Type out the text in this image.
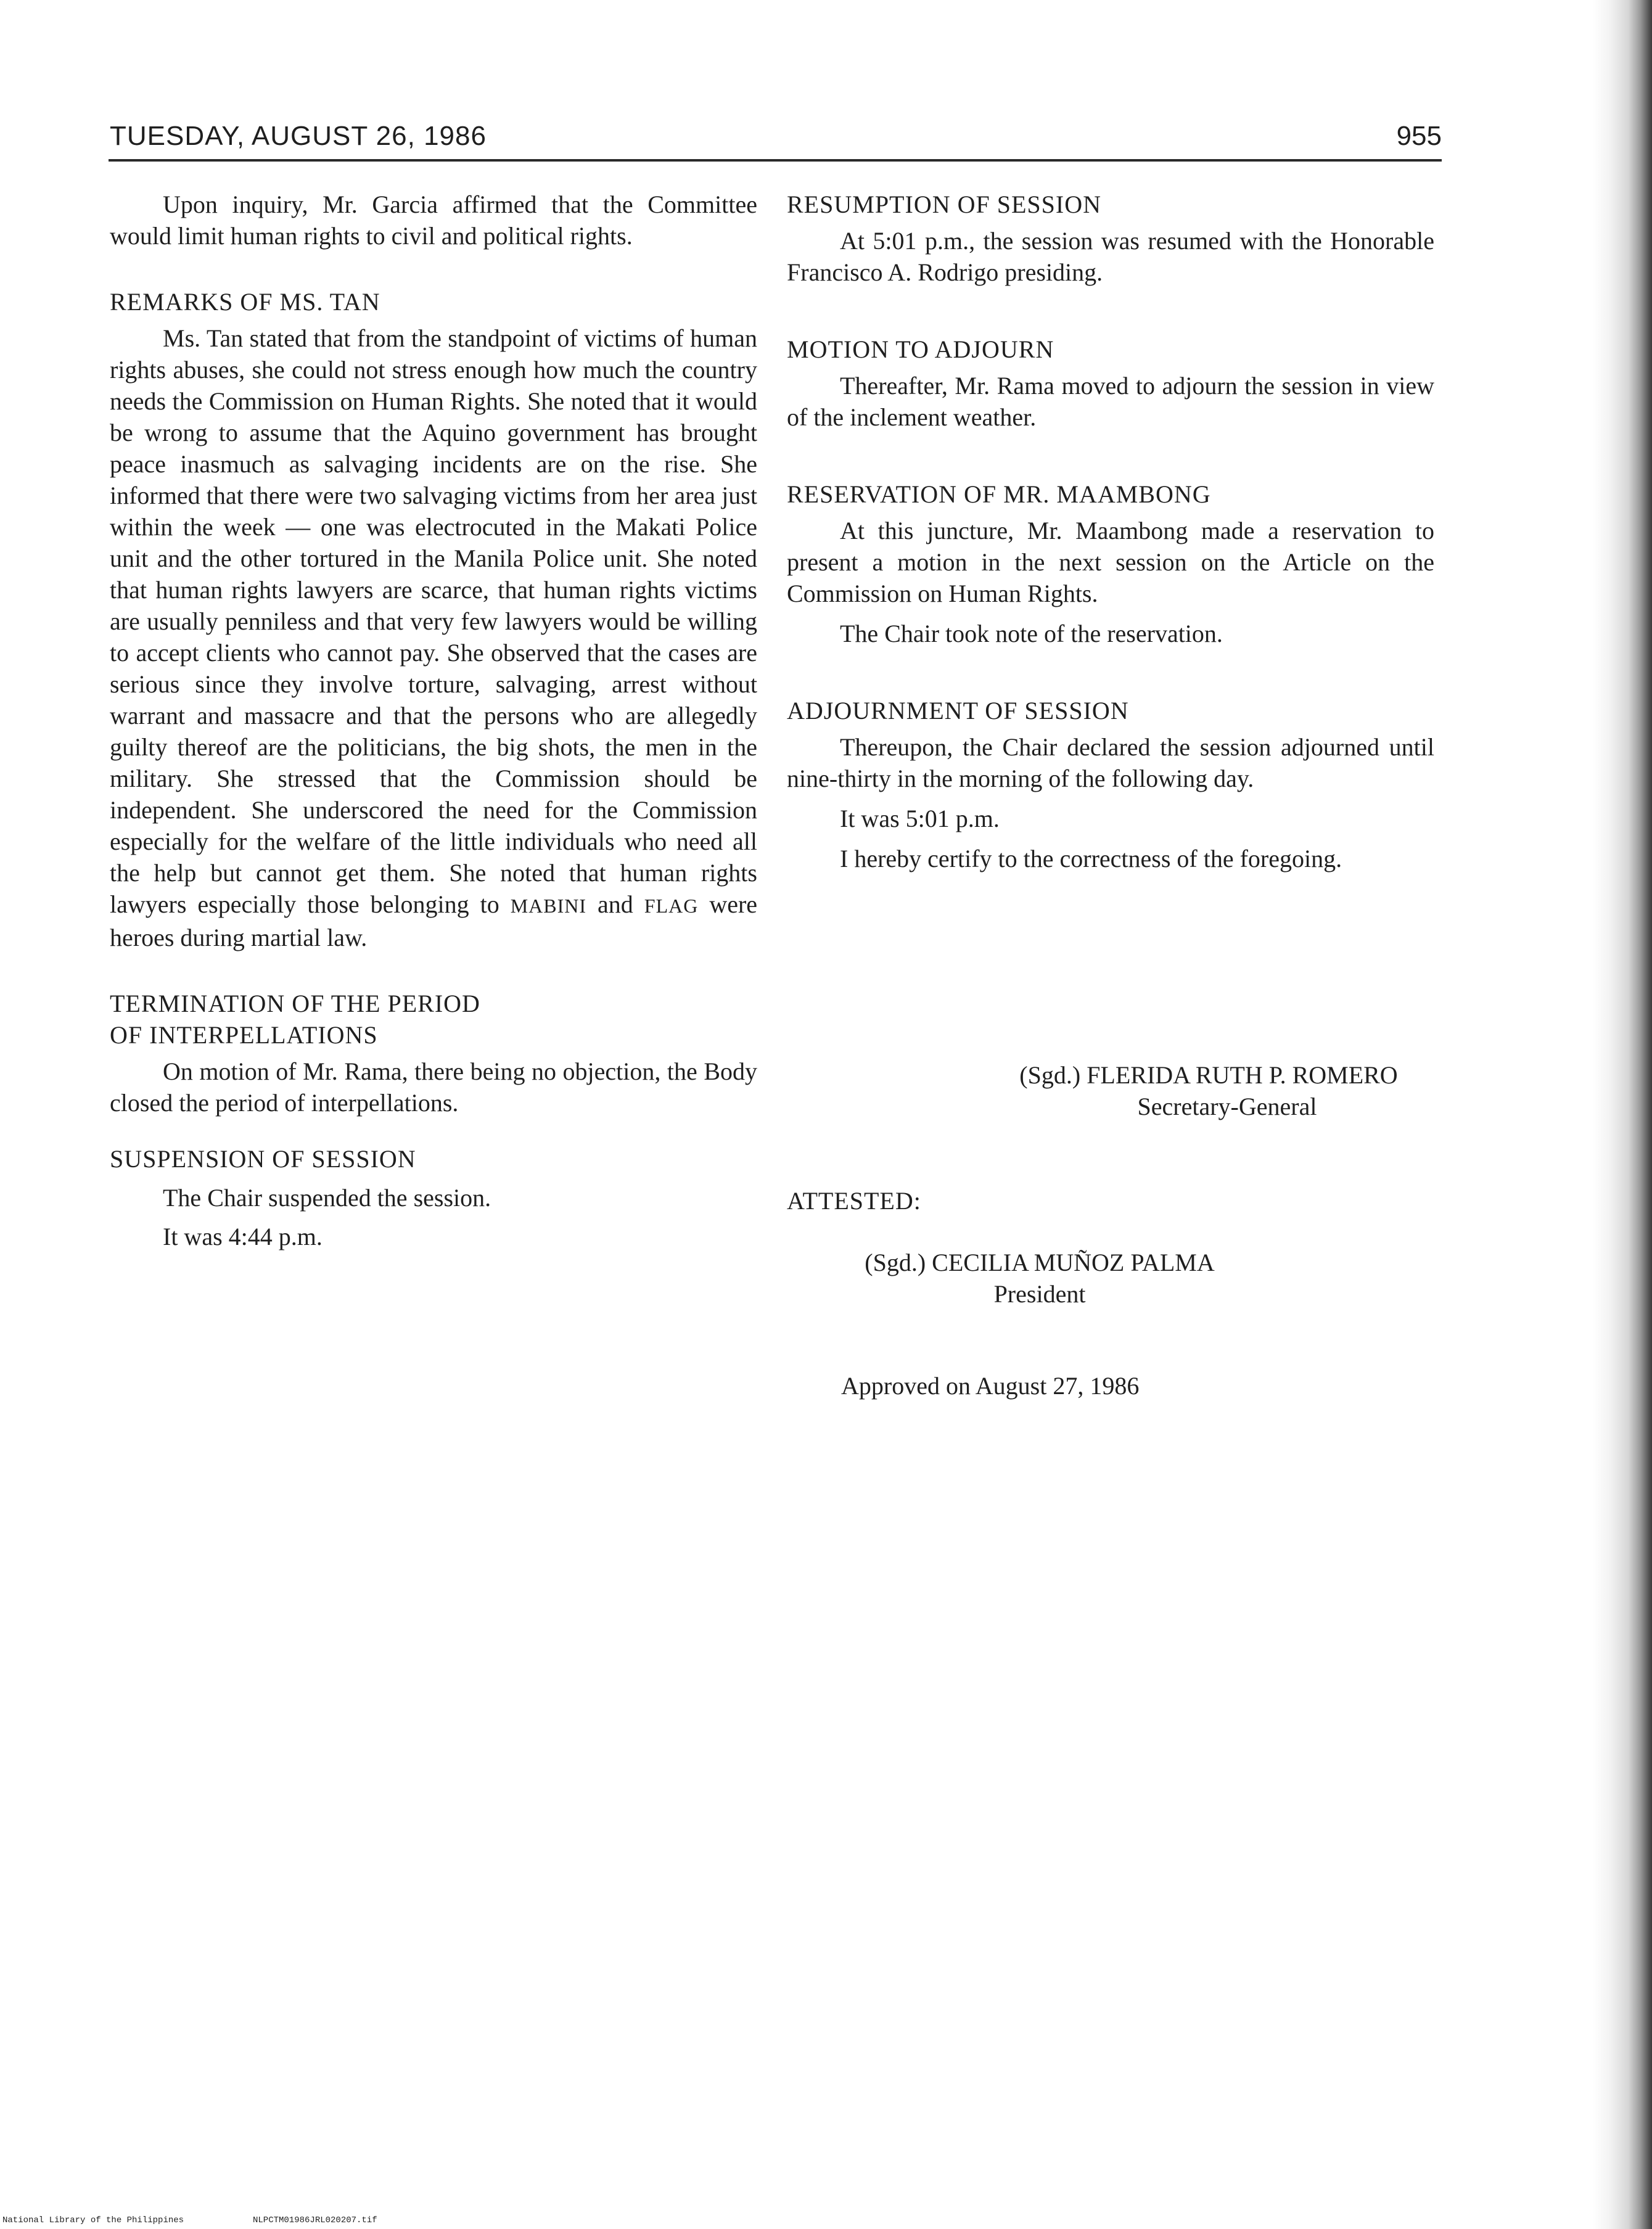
TUESDAY, AUGUST 26, 1986	955

Upon inquiry, Mr. Garcia affirmed that the Committee would limit human rights to civil and political rights.

REMARKS OF MS. TAN

Ms. Tan stated that from the standpoint of victims of human rights abuses, she could not stress enough how much the country needs the Commission on Human Rights. She noted that it would be wrong to assume that the Aquino government has brought peace inasmuch as salvaging incidents are on the rise. She informed that there were two salvaging victims from her area just within the week — one was electrocuted in the Makati Police unit and the other tortured in the Manila Police unit. She noted that human rights lawyers are scarce, that human rights victims are usually penniless and that very few lawyers would be willing to accept clients who cannot pay. She observed that the cases are serious since they involve torture, salvaging, arrest without warrant and massacre and that the persons who are allegedly guilty thereof are the politicians, the big shots, the men in the military. She stressed that the Commission should be independent. She underscored the need for the Commission especially for the welfare of the little individuals who need all the help but cannot get them. She noted that human rights lawyers especially those belonging to MABINI and FLAG were heroes during martial law.

TERMINATION OF THE PERIOD

OF INTERPELLATIONS

On motion of Mr. Rama, there being no objection, the Body closed the period of interpellations.

SUSPENSION OF SESSION

The Chair suspended the session.

It was 4:44 p.m.

RESUMPTION OF SESSION

At 5:01 p.m., the session was resumed with the Honorable Francisco A. Rodrigo presiding.

MOTION TO ADJOURN

Thereafter, Mr. Rama moved to adjourn the session in view of the inclement weather.

RESERVATION OF MR. MAAMBONG

At this juncture, Mr. Maambong made a reservation to present a motion in the next session on the Article on the Commission on Human Rights.

The Chair took note of the reservation.

ADJOURNMENT OF SESSION

Thereupon, the Chair declared the session adjourned until nine-thirty in the morning of the following day.

It was 5:01 p.m.

I hereby certify to the correctness of the foregoing.

(Sgd.) FLERIDA RUTH P. ROMERO
Secretary-General
ATTESTED:
(Sgd.) CECILIA MUÑOZ PALMA
President
Approved on August 27, 1986
National Library of the Philippines	NLPCTM01986JRL020207.tif
